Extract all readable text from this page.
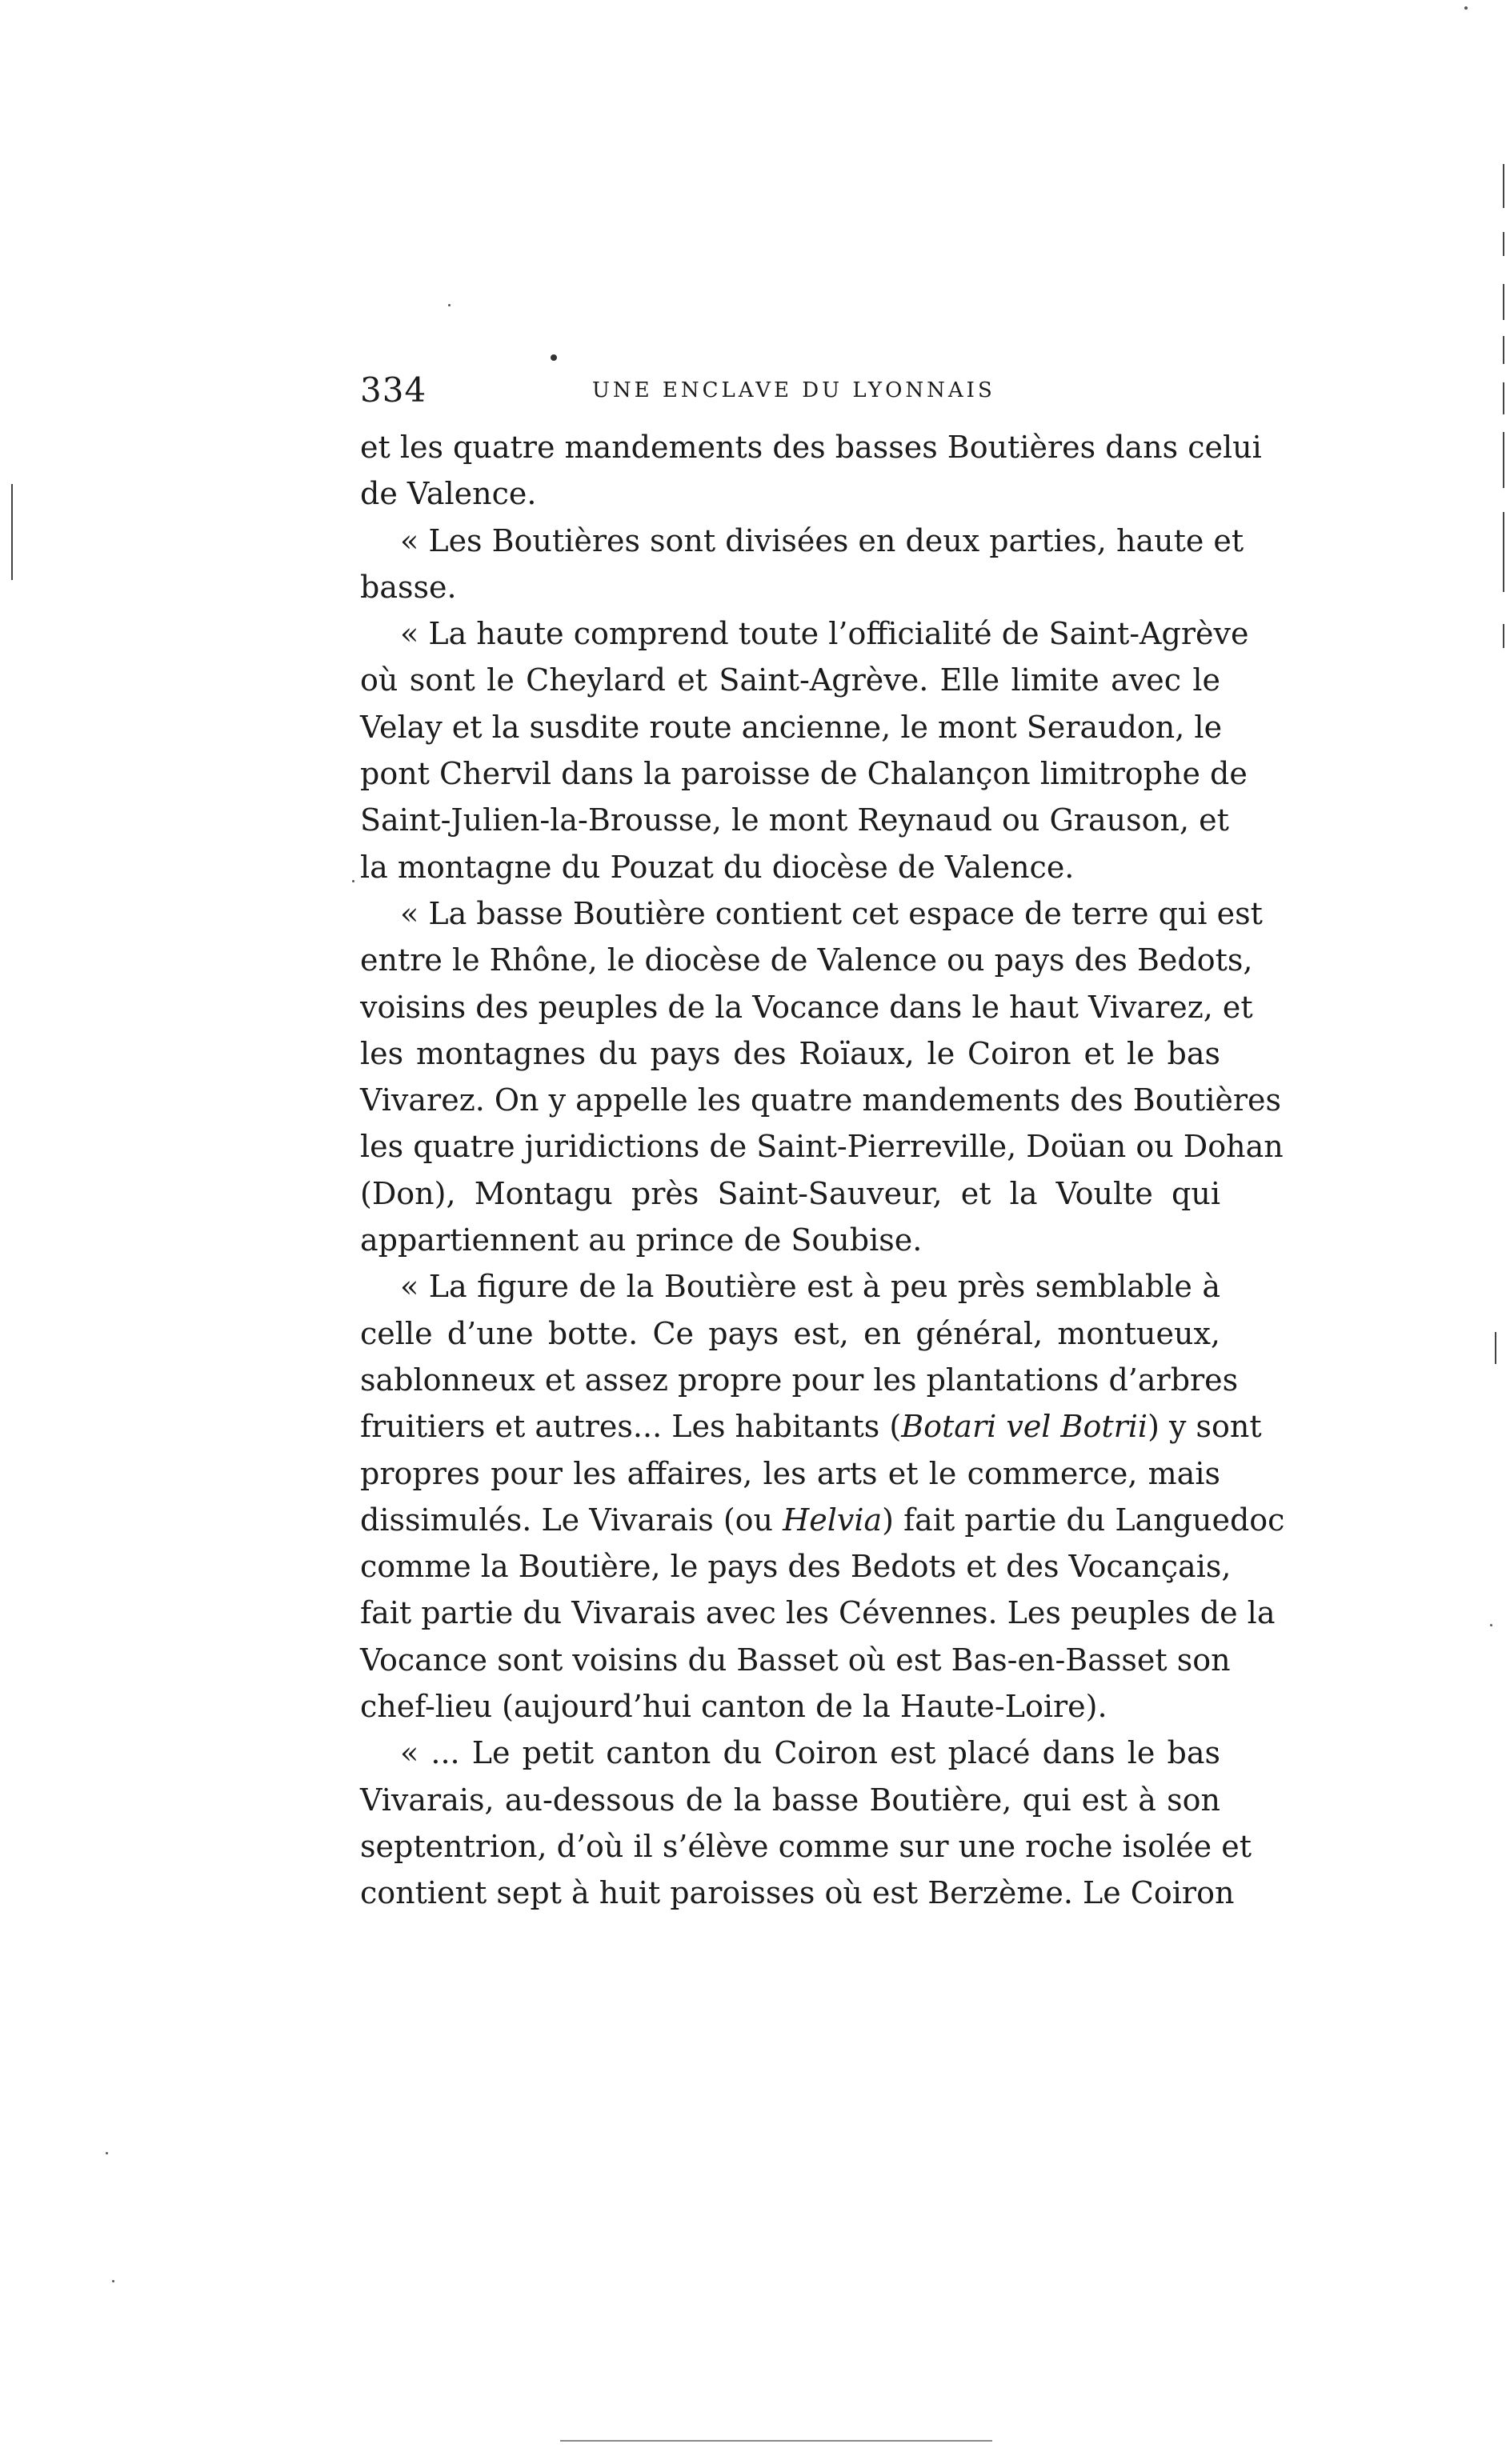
334	UNE ENCLAVE DU LYONNAIS
et les quatre mandements des basses Boutières dans celui
de Valence.
« Les Boutières sont divisées en deux parties, haute et
basse.
« La haute comprend toute l’officialité de Saint-Agrève
où sont le Cheylard et Saint-Agrève. Elle limite avec le
Velay et la susdite route ancienne, le mont Seraudon, le
pont Chervil dans la paroisse de Chalançon limitrophe de
Saint-Julien-la-Brousse, le mont Reynaud ou Grauson, et
la montagne du Pouzat du diocèse de Valence.
« La basse Boutière contient cet espace de terre qui est
entre le Rhône, le diocèse de Valence ou pays des Bedots,
voisins des peuples de la Vocance dans le haut Vivarez, et
les montagnes du pays des Roïaux, le Coiron et le bas
Vivarez. On y appelle les quatre mandements des Boutières
les quatre juridictions de Saint-Pierreville, Doüan ou Dohan
(Don), Montagu près Saint-Sauveur, et la Voulte qui
appartiennent au prince de Soubise.
« La figure de la Boutière est à peu près semblable à
celle d’une botte. Ce pays est, en général, montueux,
sablonneux et assez propre pour les plantations d’arbres
fruitiers et autres... Les habitants (Botari vel Botrii) y sont
propres pour les affaires, les arts et le commerce, mais
dissimulés. Le Vivarais (ou Helvia) fait partie du Languedoc
comme la Boutière, le pays des Bedots et des Vocançais,
fait partie du Vivarais avec les Cévennes. Les peuples de la
Vocance sont voisins du Basset où est Bas-en-Basset son
chef-lieu (aujourd’hui canton de la Haute-Loire).
« ... Le petit canton du Coiron est placé dans le bas
Vivarais, au-dessous de la basse Boutière, qui est à son
septentrion, d’où il s’élève comme sur une roche isolée et
contient sept à huit paroisses où est Berzème. Le Coiron
